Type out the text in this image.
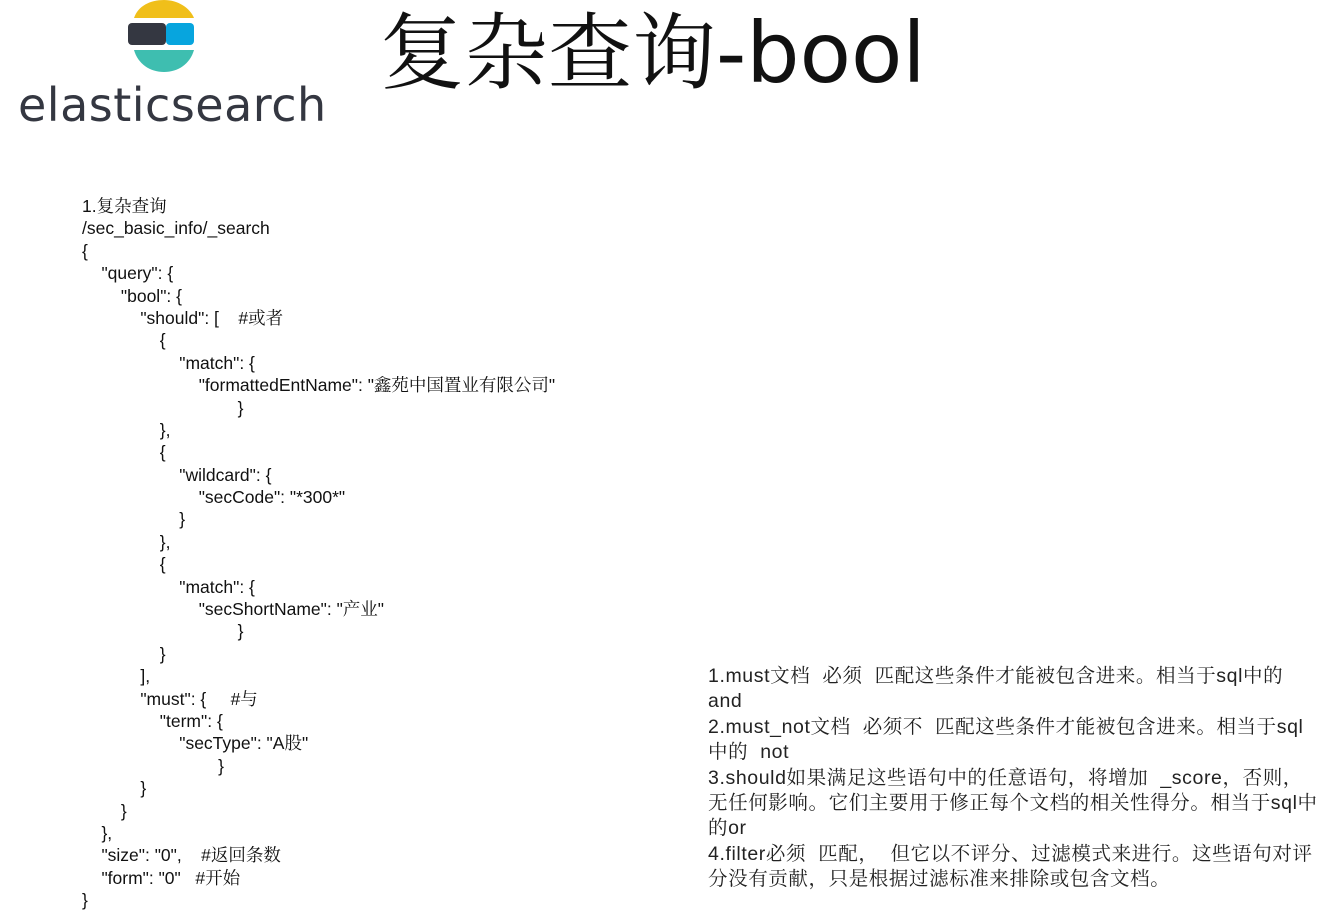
elasticsearch
复杂查询-bool
1.复杂查询
/sec_basic_info/_search
{
"query": {
"bool": {
"should": [    #或者
{
"match": {
"formattedEntName": "鑫苑中国置业有限公司"
}
},
{
"wildcard": {
"secCode": "*300*"
}
},
{
"match": {
"secShortName": "产业"
}
}
],
"must": {     #与
"term": {
"secType": "A股"
}
}
}
},
"size": "0",    #返回条数
"form": "0"   #开始
}

1.must文档  必须  匹配这些条件才能被包含进来。相当于sql中的  and

2.must_not文档  必须不  匹配这些条件才能被包含进来。相当于sql中的  not

3.should如果满足这些语句中的任意语句，将增加  _score，否则，无任何影响。它们主要用于修正每个文档的相关性得分。相当于sql中的or

4.filter必须  匹配，  但它以不评分、过滤模式来进行。这些语句对评分没有贡献，只是根据过滤标准来排除或包含文档。
